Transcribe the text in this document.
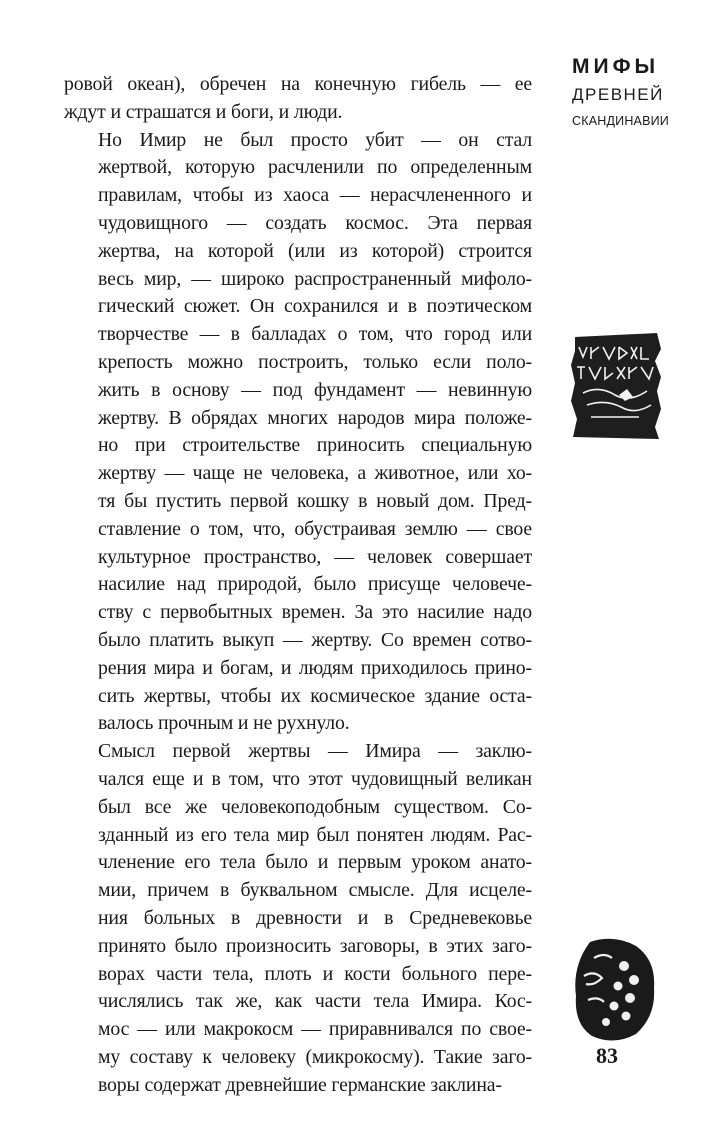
МИФЫ
ДРЕВНЕЙ
СКАНДИНАВИИ

ровой океан), обречен на конечную гибель — ее
ждут и страшатся и боги, и люди.

Но Имир не был просто убит — он стал
жертвой, которую расчленили по определенным
правилам, чтобы из хаоса — нерасчлененного и
чудовищного — создать космос. Эта первая
жертва, на которой (или из которой) строится
весь мир, — широко распространенный мифоло-
гический сюжет. Он сохранился и в поэтическом
творчестве — в балладах о том, что город или
крепость можно построить, только если поло-
жить в основу — под фундамент — невинную
жертву. В обрядах многих народов мира положе-
но при строительстве приносить специальную
жертву — чаще не человека, а животное, или хо-
тя бы пустить первой кошку в новый дом. Пред-
ставление о том, что, обустраивая землю — свое
культурное пространство, — человек совершает
насилие над природой, было присуще человече-
ству с первобытных времен. За это насилие надо
было платить выкуп — жертву. Со времен сотво-
рения мира и богам, и людям приходилось прино-
сить жертвы, чтобы их космическое здание оста-
валось прочным и не рухнуло.

Смысл первой жертвы — Имира — заклю-
чался еще и в том, что этот чудовищный великан
был все же человекоподобным существом. Со-
зданный из его тела мир был понятен людям. Рас-
членение его тела было и первым уроком анато-
мии, причем в буквальном смысле. Для исцеле-
ния больных в древности и в Средневековье
принято было произносить заговоры, в этих заго-
ворах части тела, плоть и кости больного пере-
числялись так же, как части тела Имира. Кос-
мос — или макрокосм — приравнивался по свое-
му составу к человеку (микрокосму). Такие заго-
воры содержат древнейшие германские заклина-

83
